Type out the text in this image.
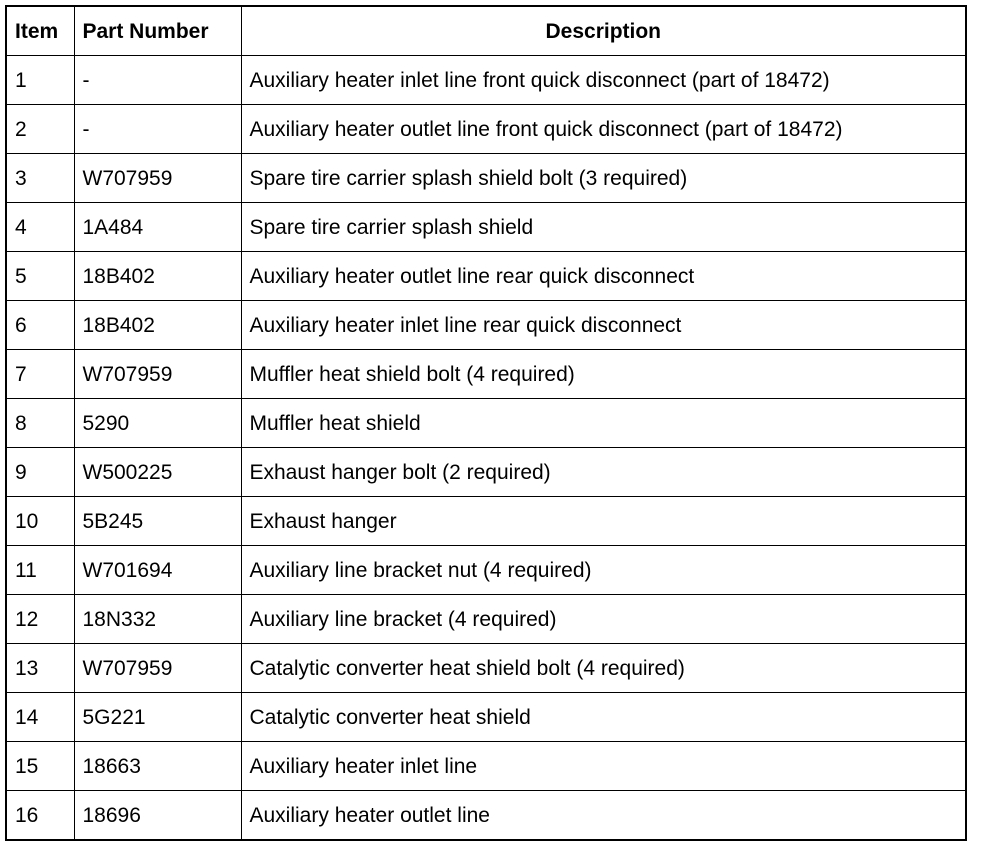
Item	Part Number	Description
1	-	Auxiliary heater inlet line front quick disconnect (part of 18472)
2	-	Auxiliary heater outlet line front quick disconnect (part of 18472)
3	W707959	Spare tire carrier splash shield bolt (3 required)
4	1A484	Spare tire carrier splash shield
5	18B402	Auxiliary heater outlet line rear quick disconnect
6	18B402	Auxiliary heater inlet line rear quick disconnect
7	W707959	Muffler heat shield bolt (4 required)
8	5290	Muffler heat shield
9	W500225	Exhaust hanger bolt (2 required)
10	5B245	Exhaust hanger
11	W701694	Auxiliary line bracket nut (4 required)
12	18N332	Auxiliary line bracket (4 required)
13	W707959	Catalytic converter heat shield bolt (4 required)
14	5G221	Catalytic converter heat shield
15	18663	Auxiliary heater inlet line
16	18696	Auxiliary heater outlet line
